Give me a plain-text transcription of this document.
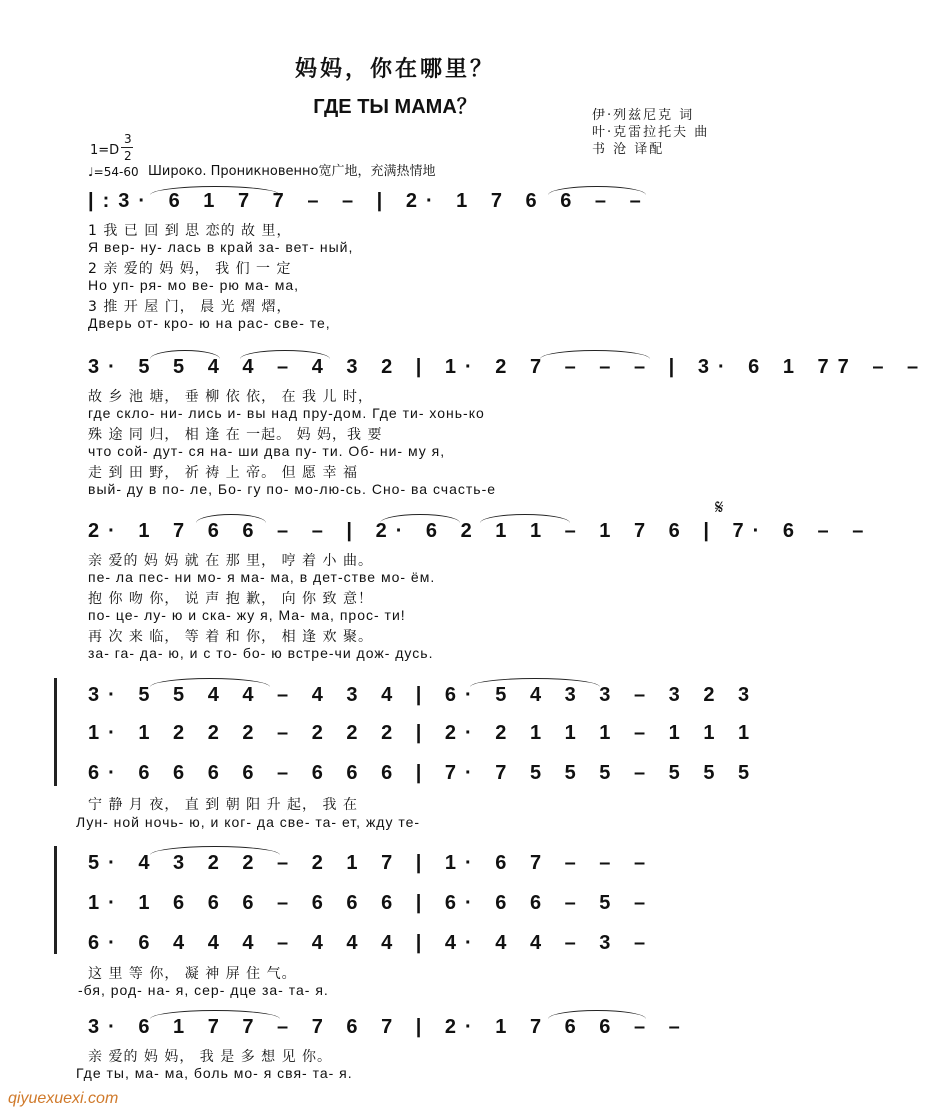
妈妈，你在哪里？
ГДЕ ТЫ МАМА？	伊·列兹尼克 词
叶·克雷拉托夫 曲
书 沧 译配
1=D
3
2
♩=54-60 Широко. Проникновенно宽广地，充满热情地
|:3· 6 1 7 7 – – | 2· 1 7 6 6 – –
1 我 已 回 到 思 恋的 故 里，
Я вер- ну- лась в край за- вет- ный,
2 亲 爱的 妈 妈， 我 们 一 定
Но уп- ря- мо ве- рю ма- ма,
3 推 开 屋 门， 晨 光 熠 熠，
Дверь от- кро- ю на рас- све- те,
3· 5 5 4 4 – 4 3 2 | 1· 2 7 – – – | 3· 6 1 77 – –
故 乡 池 塘， 垂 柳 依 依， 在 我 儿 时，
где скло- ни- лись и- вы над пру-дом. Где ти- хонь-ко
殊 途 同 归， 相 逢 在 一起。 妈 妈，我 要
что сой- дут- ся на- ши два пу- ти. Об- ни- му я,
走 到 田 野， 祈 祷 上 帝。 但 愿 幸 福
вый- ду в по- ле, Бо- гу по- мо-лю-сь. Сно- ва счасть-е
2· 1 7 6 6 – – | 2· 6 2 1 1 – 1 7 6 | 7· 6 – –
𝄋
亲 爱的 妈 妈 就 在 那 里， 哼 着 小 曲。
пе- ла пес- ни мо- я ма- ма, в дет-стве мо- ём.
抱 你 吻 你， 说 声 抱 歉， 向 你 致 意！
по- це- лу- ю и ска- жу я, Ма- ма, прос- ти!
再 次 来 临， 等 着 和 你， 相 逢 欢 聚。
за- га- да- ю, и с то- бо- ю встре-чи дож- дусь.
3· 5 5 4 4 – 4 3 4 | 6· 5 4 3 3 – 3 2 3
1· 1 2 2 2 – 2 2 2 | 2· 2 1 1 1 – 1 1 1
6· 6 6 6 6 – 6 6 6 | 7· 7 5 5 5 – 5 5 5
宁 静 月 夜， 直 到 朝 阳 升 起， 我 在
Лун- ной ночь- ю, и ког- да све- та- ет, жду те-
5· 4 3 2 2 – 2 1 7 | 1· 6 7 – – –
1· 1 6 6 6 – 6 6 6 | 6· 6 6 – 5 –
6· 6 4 4 4 – 4 4 4 | 4· 4 4 – 3 –
这 里 等 你， 凝 神 屏 住 气。
-бя, род- на- я, сер- дце за- та- я.
3· 6 1 7 7 – 7 6 7 | 2· 1 7 6 6 – –
亲 爱的 妈 妈， 我 是 多 想 见 你。
Где ты, ма- ма, боль мо- я свя- та- я.
qiyuexuexi.com
